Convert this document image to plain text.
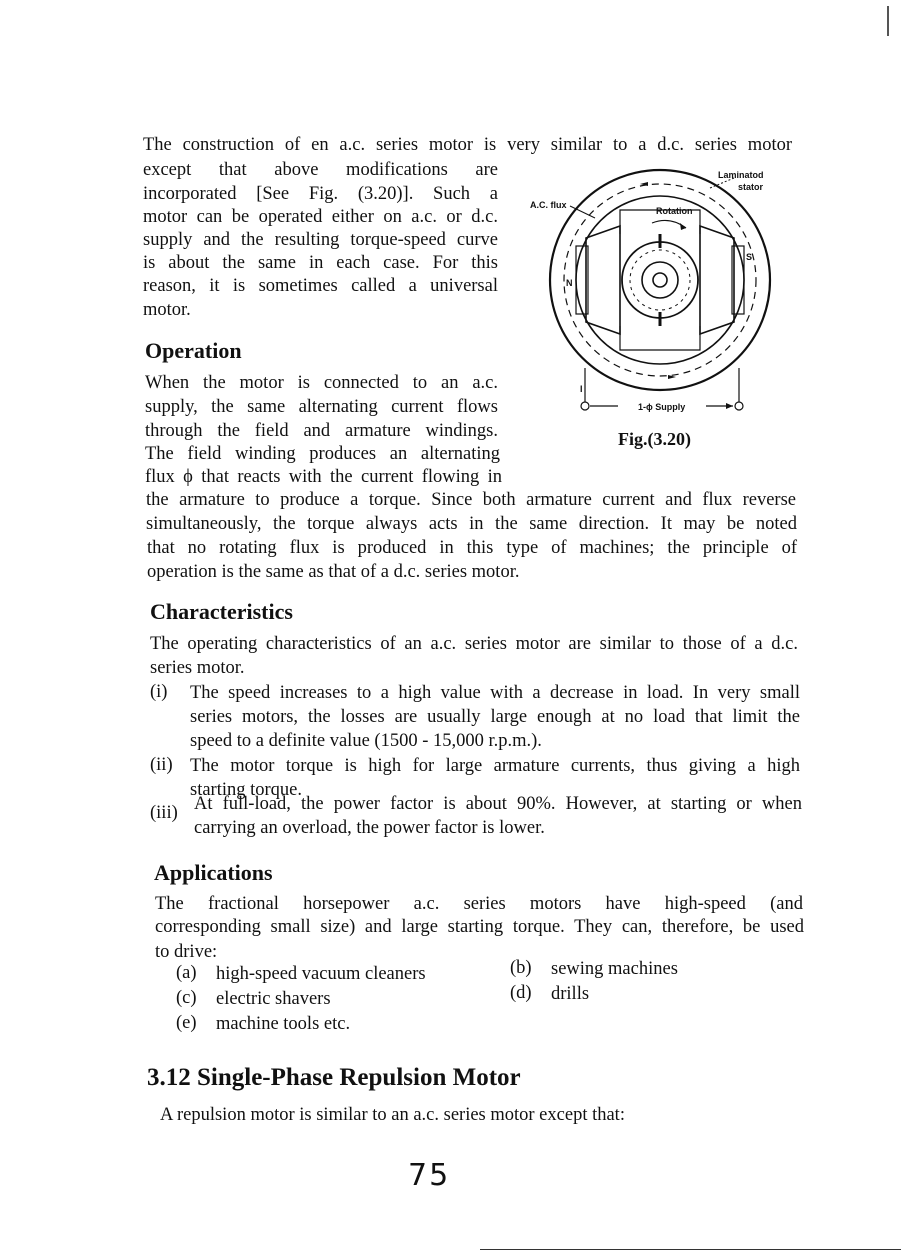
The construction of en a.c. series motor is very similar to a d.c. series motor
except that above modifications are
incorporated [See Fig. (3.20)]. Such a
motor can be operated either on a.c. or d.c.
supply and the resulting torque-speed curve
is about the same in each case. For this
reason, it is sometimes called a universal
motor.
Operation
When the motor is connected to an a.c.
supply, the same alternating current flows
through the field and armature windings.
The field winding produces an alternating
flux ϕ that reacts with the current flowing in
the armature to produce a torque. Since both armature current and flux reverse
simultaneously, the torque always acts in the same direction. It may be noted
that no rotating flux is produced in this type of machines; the principle of
operation is the same as that of a d.c. series motor.
Laminatod
stator
A.C. flux
Rotation
N
S
I
1-ϕ Supply
Fig.(3.20)
Characteristics
The operating characteristics of an a.c. series motor are similar to those of a d.c.
series motor.
(i) The speed increases to a high value with a decrease in load. In very small
series motors, the losses are usually large enough at no load that limit the
speed to a definite value (1500 - 15,000 r.p.m.).
(ii) The motor torque is high for large armature currents, thus giving a high
starting torque.
(iii) At full-load, the power factor is about 90%. However, at starting or when
carrying an overload, the power factor is lower.
Applications
The fractional horsepower a.c. series motors have high-speed (and
corresponding small size) and large starting torque. They can, therefore, be used
to drive:
(a) high-speed vacuum cleaners	(b) sewing machines
(c) electric shavers	(d) drills
(e) machine tools etc.
3.12 Single-Phase Repulsion Motor
A repulsion motor is similar to an a.c. series motor except that:
75
